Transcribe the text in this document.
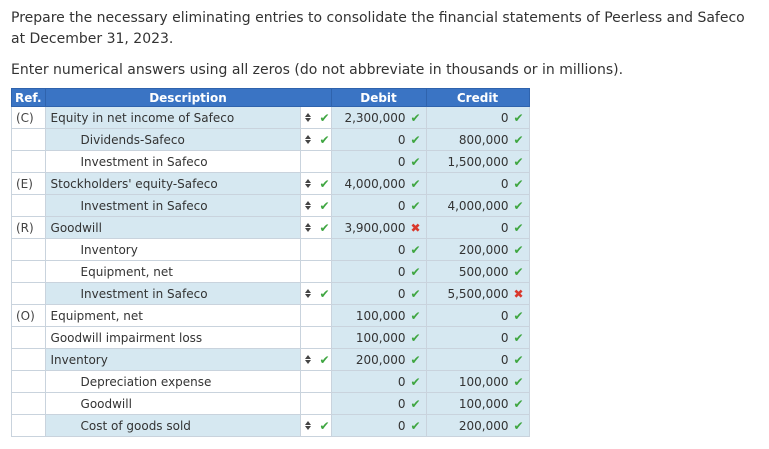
Prepare the necessary eliminating entries to consolidate the financial statements of Peerless and Safeco at December 31, 2023.
Enter numerical answers using all zeros (do not abbreviate in thousands or in millions).
Ref.	Description		Debit	Credit
(C)	Equity in net income of Safeco	✔	2,300,000 ✔	0 ✔
	Dividends-Safeco	✔	0 ✔	800,000 ✔
	Investment in Safeco		0 ✔	1,500,000 ✔
(E)	Stockholders' equity-Safeco	✔	4,000,000 ✔	0 ✔
	Investment in Safeco	✔	0 ✔	4,000,000 ✔
(R)	Goodwill	✔	3,900,000 ✖	0 ✔
	Inventory		0 ✔	200,000 ✔
	Equipment, net		0 ✔	500,000 ✔
	Investment in Safeco	✔	0 ✔	5,500,000 ✖
(O)	Equipment, net		100,000 ✔	0 ✔
	Goodwill impairment loss		100,000 ✔	0 ✔
	Inventory	✔	200,000 ✔	0 ✔
	Depreciation expense		0 ✔	100,000 ✔
	Goodwill		0 ✔	100,000 ✔
	Cost of goods sold	✔	0 ✔	200,000 ✔
